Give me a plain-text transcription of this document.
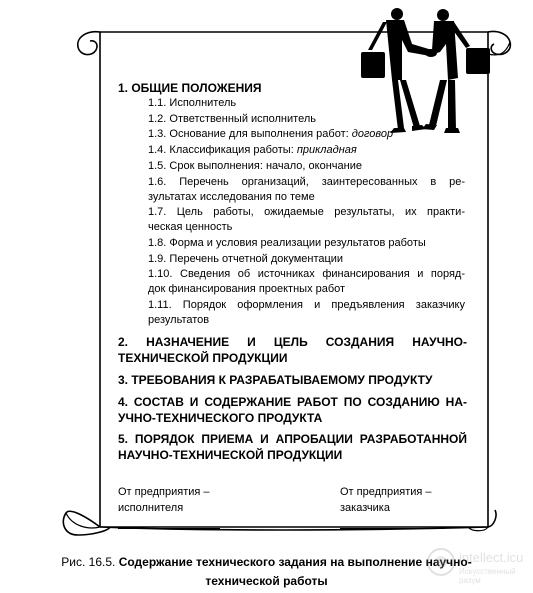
1. ОБЩИЕ ПОЛОЖЕНИЯ
1.1. Исполнитель
1.2. Ответственный исполнитель
1.3. Основание для выполнения работ: договор
1.4. Классификация работы: прикладная
1.5. Срок выполнения: начало, окончание
1.6. Перечень организаций, заинтересованных в ре-
зультатах исследования по теме
1.7. Цель работы, ожидаемые результаты, их практи-
ческая ценность
1.8. Форма и условия реализации результатов работы
1.9. Перечень отчетной документации
1.10. Сведения об источниках финансирования и поряд-
док финансирования проектных работ
1.11. Порядок оформления и предъявления заказчику
результатов
2. НАЗНАЧЕНИЕ И ЦЕЛЬ СОЗДАНИЯ НАУЧНО-
ТЕХНИЧЕСКОЙ ПРОДУКЦИИ
3. ТРЕБОВАНИЯ К РАЗРАБАТЫВАЕМОМУ ПРОДУКТУ
4. СОСТАВ И СОДЕРЖАНИЕ РАБОТ ПО СОЗДАНИЮ НА-
УЧНО-ТЕХНИЧЕСКОГО ПРОДУКТА
5. ПОРЯДОК ПРИЕМА И АПРОБАЦИИ РАЗРАБОТАННОЙ
НАУЧНО-ТЕХНИЧЕСКОЙ ПРОДУКЦИИ
От предприятия –
исполнителя
От предприятия –
заказчика
Рис. 16.5. Содержание технического задания на выполнение научно-
технической работы
intellect.icu
Искусственный разум
